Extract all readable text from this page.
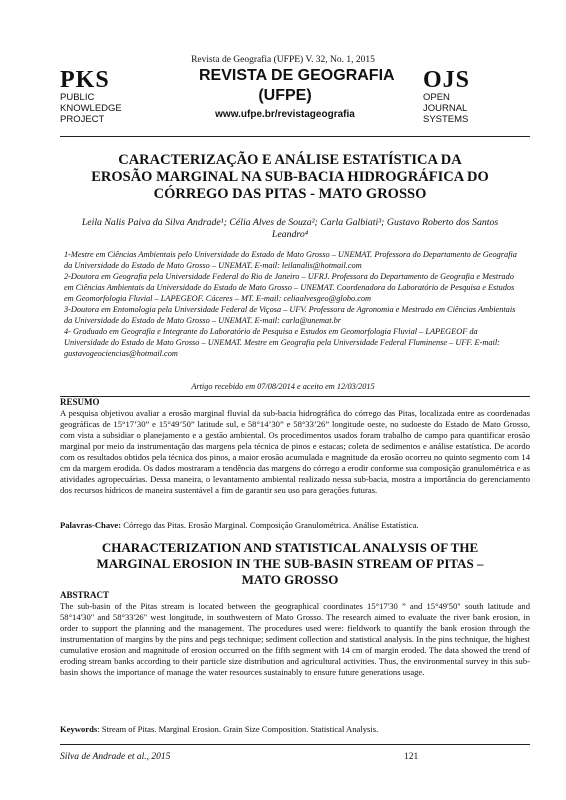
Revista de Geografia (UFPE) V. 32, No. 1, 2015
PKS
PUBLIC
KNOWLEDGE
PROJECT
REVISTA DE GEOGRAFIA
(UFPE)
www.ufpe.br/revistageografia
OJS
OPEN
JOURNAL
SYSTEMS
CARACTERIZAÇÃO E ANÁLISE ESTATÍSTICA DA EROSÃO MARGINAL NA SUB-BACIA HIDROGRÁFICA DO CÓRREGO DAS PITAS - MATO GROSSO
Leila Nalis Paiva da Silva Andrade¹; Célia Alves de Souza²; Carla Galbiati³; Gustavo Roberto dos Santos Leandro⁴
1-Mestre em Ciências Ambientais pelo Universidade do Estado de Mato Grosso – UNEMAT. Professora do Departamento de Geografia da Universidade do Estado de Mato Grosso – UNEMAT. E-mail: leilanalis@hotmail.com
2-Doutora em Geografia pela Universidade Federal do Rio de Janeiro – UFRJ. Professora do Departamento de Geografia e Mestrado em Ciências Ambientais da Universidade do Estado de Mato Grosso – UNEMAT. Coordenadora do Laboratório de Pesquisa e Estudos em Geomorfologia Fluvial – LAPEGEOF. Cáceres – MT. E-mail: celiaalvesgeo@globo.com
3-Doutora em Entomologia pela Universidade Federal de Viçosa – UFV. Professora de Agronomia e Mestrado em Ciências Ambientais da Universidade do Estado de Mato Grosso – UNEMAT. E-mail: carla@unemat.br
4- Graduado em Geografia e Integrante do Laboratório de Pesquisa e Estudos em Geomorfologia Fluvial – LAPEGEOF da Universidade do Estado de Mato Grosso – UNEMAT. Mestre em Geografia pela Universidade Federal Fluminense – UFF. E-mail: gustavogeociencias@hotmail.com
Artigo recebido em 07/08/2014 e aceito em 12/03/2015
RESUMO
A pesquisa objetivou avaliar a erosão marginal fluvial da sub-bacia hidrográfica do córrego das Pitas, localizada entre as coordenadas geográficas de 15°17’30” e 15°49’50” latitude sul, e 58°14’30” e 58°33’26” longitude oeste, no sudoeste do Estado de Mato Grosso, com vista a subsidiar o planejamento e a gestão ambiental. Os procedimentos usados foram trabalho de campo para quantificar erosão marginal por meio da instrumentação das margens pela técnica de pinos e estacas; coleta de sedimentos e análise estatística. De acordo com os resultados obtidos pela técnica dos pinos, a maior erosão acumulada e magnitude da erosão ocorreu no quinto segmento com 14 cm da margem erodida. Os dados mostraram a tendência das margens do córrego a erodir conforme sua composição granulométrica e as atividades agropecuárias. Dessa maneira, o levantamento ambiental realizado nessa sub-bacia, mostra a importância do gerenciamento dos recursos hídricos de maneira sustentável a fim de garantir seu uso para gerações futuras.
Palavras-Chave: Córrego das Pitas. Erosão Marginal. Composição Granulométrica. Análise Estatística.
CHARACTERIZATION AND STATISTICAL ANALYSIS OF THE MARGINAL EROSION IN THE SUB-BASIN STREAM OF PITAS – MATO GROSSO
ABSTRACT
The sub-basin of the Pitas stream is located between the geographical coordinates 15°17'30 ” and 15°49'50" south latitude and 58°14'30" and 58°33'26" west longitude, in southwestern of Mato Grosso. The research aimed to evaluate the river bank erosion, in order to support the planning and the management. The procedures used were: fieldwork to quantify the bank erosion through the instrumentation of margins by the pins and pegs technique; sediment collection and statistical analysis. In the pins technique, the highest cumulative erosion and magnitude of erosion occurred on the fifth segment with 14 cm of margin eroded. The data showed the trend of eroding stream banks according to their particle size distribution and agricultural activities. Thus, the environmental survey in this sub-basin shows the importance of manage the water resources sustainably to ensure future generations usage.
Keywords: Stream of Pitas. Marginal Erosion. Grain Size Composition. Statistical Analysis.
Silva de Andrade et al., 2015	121
